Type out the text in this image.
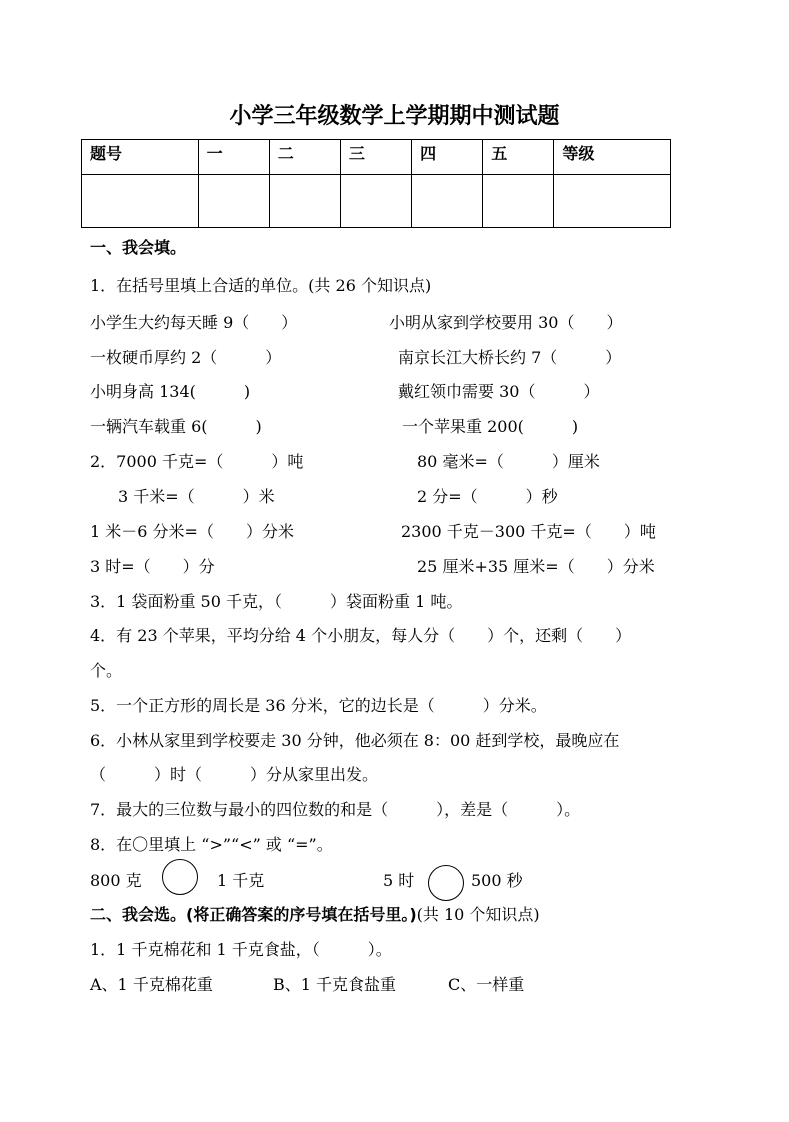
小学三年级数学上学期期中测试题
题号	一	二	三	四	五	等级

一、我会填。
1．在括号里填上合适的单位。(共 26 个知识点)
小学生大约每天睡 9（　　）	小明从家到学校要用 30（　　）
一枚硬币厚约 2（　　　）	南京长江大桥长约 7（　　　）
小明身高 134(　　　)	戴红领巾需要 30（　　　）
一辆汽车载重 6(　　　)	一个苹果重 200(　　　)
2．7000 千克=（　　　）吨	80 毫米=（　　　）厘米
3 千米=（　　　）米	2 分=（　　　）秒
1 米－6 分米=（　　）分米	2300 千克－300 千克=（　　）吨
3 时=（　　）分	25 厘米+35 厘米=（　　）分米
3．1 袋面粉重 50 千克，（　　　）袋面粉重 1 吨。
4．有 23 个苹果，平均分给 4 个小朋友，每人分（　　）个，还剩（　　）
个。
5．一个正方形的周长是 36 分米，它的边长是（　　　）分米。
6．小林从家里到学校要走 30 分钟，他必须在 8：00 赶到学校，最晚应在
（　　　）时（　　　）分从家里出发。
7．最大的三位数与最小的四位数的和是（　　　），差是（　　　）。
8．在〇里填上 “>”“<” 或 “=”。
800 克	1 千克	5 时	500 秒
二、我会选。(将正确答案的序号填在括号里。)(共 10 个知识点)
1．1 千克棉花和 1 千克食盐，（　　　）。
A、1 千克棉花重	B、1 千克食盐重	C、一样重
